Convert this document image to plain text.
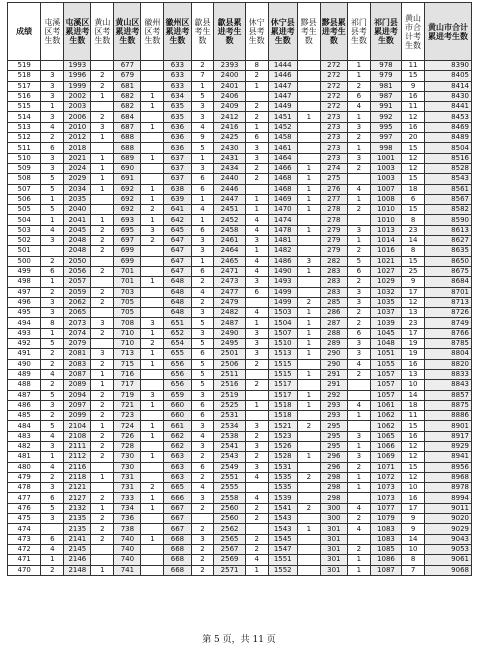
成绩	屯溪区考生数	屯溪区累进考生数	黄山区考生数	黄山区累进考生数	徽州区考生数	徽州区累进考生数	歙县考生数	歙县累进考生数	休宁县考生数	休宁县累进考生数	黟县考生数	黟县累进考生数	祁门县考生数	祁门县累进考生数	黄山市合计考生数	黄山市合计累进考生数
519		1993		677		633	2	2393	8	1444		272	1	978	11	8390
518	3	1996	2	679		633	7	2400	2	1446		272	1	979	15	8405
517	3	1999	2	681		633	1	2401	1	1447		272	2	981	9	8414
516	3	2002	1	682	1	634	5	2406		1447		272	6	987	16	8430
515	1	2003		682	1	635	3	2409	2	1449		272	4	991	11	8441
514	3	2006	2	684		635	3	2412	2	1451	1	273	1	992	12	8453
513	4	2010	3	687	1	636	4	2416	1	1452		273	3	995	16	8469
512	2	2012	1	688		636	9	2425	6	1458		273	2	997	20	8489
511	6	2018		688		636	5	2430	3	1461		273	1	998	15	8504
510	3	2021	1	689	1	637	1	2431	3	1464		273	3	1001	12	8516
509	3	2024	1	690		637	3	2434	2	1466	1	274	2	1003	12	8528
508	5	2029	1	691		637	6	2440	2	1468	1	275		1003	15	8543
507	5	2034	1	692	1	638	6	2446		1468	1	276	4	1007	18	8561
506	1	2035		692	1	639	1	2447	1	1469	1	277	1	1008	6	8567
505	5	2040		692	2	641	4	2451	1	1470	1	278	2	1010	15	8582
504	1	2041	1	693	1	642	1	2452	4	1474		278		1010	8	8590
503	4	2045	2	695	3	645	6	2458	4	1478	1	279	3	1013	23	8613
502	3	2048	2	697	2	647	3	2461	3	1481		279	1	1014	14	8627
501		2048	2	699		647	3	2464	1	1482		279	2	1016	8	8635
500	2	2050		699		647	1	2465	4	1486	3	282	5	1021	15	8650
499	6	2056	2	701		647	6	2471	4	1490	1	283	6	1027	25	8675
498	1	2057		701	1	648	2	2473	3	1493		283	2	1029	9	8684
497	2	2059	2	703		648	4	2477	6	1499		283	3	1032	17	8701
496	3	2062	2	705		648	2	2479		1499	2	285	3	1035	12	8713
495	3	2065		705		648	3	2482	4	1503	1	286	2	1037	13	8726
494	8	2073	3	708	3	651	5	2487	1	1504	1	287	2	1039	23	8749
493	1	2074	2	710	1	652	3	2490	3	1507	1	288	6	1045	17	8766
492	5	2079		710	2	654	5	2495	3	1510	1	289	3	1048	19	8785
491	2	2081	3	713	1	655	6	2501	3	1513	1	290	3	1051	19	8804
490	2	2083	2	715	1	656	5	2506	2	1515		290	4	1055	16	8820
489	4	2087	1	716		656	5	2511		1515	1	291	2	1057	13	8833
488	2	2089	1	717		656	5	2516	2	1517		291		1057	10	8843
487	5	2094	2	719	3	659	3	2519		1517	1	292		1057	14	8857
486	3	2097	2	721	1	660	6	2525	1	1518	1	293	4	1061	18	8875
485	2	2099	2	723		660	6	2531		1518		293	1	1062	11	8886
484	5	2104	1	724	1	661	3	2534	3	1521	2	295		1062	15	8901
483	4	2108	2	726	1	662	4	2538	2	1523		295	3	1065	16	8917
482	3	2111	2	728		662	3	2541	3	1526		295	1	1066	12	8929
481	1	2112	2	730	1	663	2	2543	2	1528	1	296	3	1069	12	8941
480	4	2116		730		663	6	2549	3	1531		296	2	1071	15	8956
479	2	2118	1	731		663	2	2551	4	1535	2	298	1	1072	12	8968
478	3	2121		731	2	665	4	2555		1535		298	1	1073	10	8978
477	6	2127	2	733	1	666	3	2558	4	1539		298		1073	16	8994
476	5	2132	1	734	1	667	2	2560	2	1541	2	300	4	1077	17	9011
475	3	2135	2	736		667		2560	2	1543		300	2	1079	9	9020
474		2135	2	738		667	2	2562		1543	1	301	4	1083	9	9029
473	6	2141	2	740	1	668	3	2565	2	1545		301		1083	14	9043
472	4	2145		740		668	2	2567	2	1547		301	2	1085	10	9053
471	1	2146		740		668	2	2569	4	1551		301	1	1086	8	9061
470	2	2148	1	741		668	2	2571	1	1552		301	1	1087	7	9068
第 5 页，共 11 页
